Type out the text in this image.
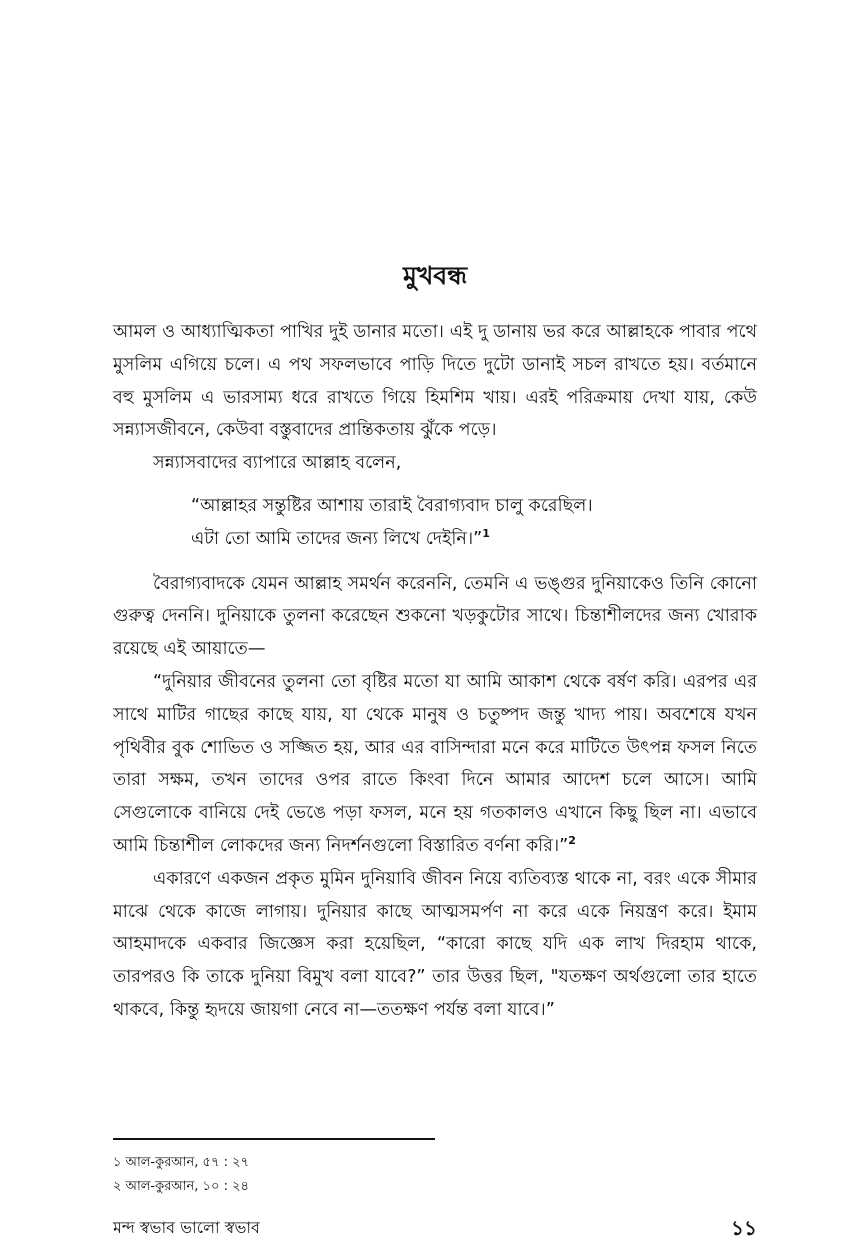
মুখবন্ধ

আমল ও আধ্যাত্মিকতা পাখির দুই ডানার মতো। এই দু ডানায় ভর করে আল্লাহকে পাবার পথে মুসলিম এগিয়ে চলে। এ পথ সফলভাবে পাড়ি দিতে দুটো ডানাই সচল রাখতে হয়। বর্তমানে বহু মুসলিম এ ভারসাম্য ধরে রাখতে গিয়ে হিমশিম খায়। এরই পরিক্রমায় দেখা যায়, কেউ সন্ন্যাসজীবনে, কেউবা বস্তুবাদের প্রান্তিকতায় ঝুঁকে পড়ে।

সন্ন্যাসবাদের ব্যাপারে আল্লাহ বলেন,

“আল্লাহর সন্তুষ্টির আশায় তারাই বৈরাগ্যবাদ চালু করেছিল।
এটা তো আমি তাদের জন্য লিখে দেইনি।”$^1$

বৈরাগ্যবাদকে যেমন আল্লাহ সমর্থন করেননি, তেমনি এ ভঙ্গুর দুনিয়াকেও তিনি কোনো গুরুত্ব দেননি। দুনিয়াকে তুলনা করেছেন শুকনো খড়কুটোর সাথে। চিন্তাশীলদের জন্য খোরাক রয়েছে এই আয়াতে—

“দুনিয়ার জীবনের তুলনা তো বৃষ্টির মতো যা আমি আকাশ থেকে বর্ষণ করি। এরপর এর সাথে মাটির গাছের কাছে যায়, যা থেকে মানুষ ও চতুষ্পদ জন্তু খাদ্য পায়। অবশেষে যখন পৃথিবীর বুক শোভিত ও সজ্জিত হয়, আর এর বাসিন্দারা মনে করে মাটিতে উৎপন্ন ফসল নিতে তারা সক্ষম, তখন তাদের ওপর রাতে কিংবা দিনে আমার আদেশ চলে আসে। আমি সেগুলোকে বানিয়ে দেই ভেঙে পড়া ফসল, মনে হয় গতকালও এখানে কিছু ছিল না। এভাবে আমি চিন্তাশীল লোকদের জন্য নিদর্শনগুলো বিস্তারিত বর্ণনা করি।”$^2$

একারণে একজন প্রকৃত মুমিন দুনিয়াবি জীবন নিয়ে ব্যতিব্যস্ত থাকে না, বরং একে সীমার মাঝে থেকে কাজে লাগায়। দুনিয়ার কাছে আত্মসমর্পণ না করে একে নিয়ন্ত্রণ করে। ইমাম আহমাদকে একবার জিজ্ঞেস করা হয়েছিল, “কারো কাছে যদি এক লাখ দিরহাম থাকে, তারপরও কি তাকে দুনিয়া বিমুখ বলা যাবে?” তার উত্তর ছিল, "যতক্ষণ অর্থগুলো তার হাতে থাকবে, কিন্তু হৃদয়ে জায়গা নেবে না—ততক্ষণ পর্যন্ত বলা যাবে।”

১ আল-কুরআন, ৫৭ : ২৭
২ আল-কুরআন, ১০ : ২৪
মন্দ স্বভাব ভালো স্বভাব	১১
